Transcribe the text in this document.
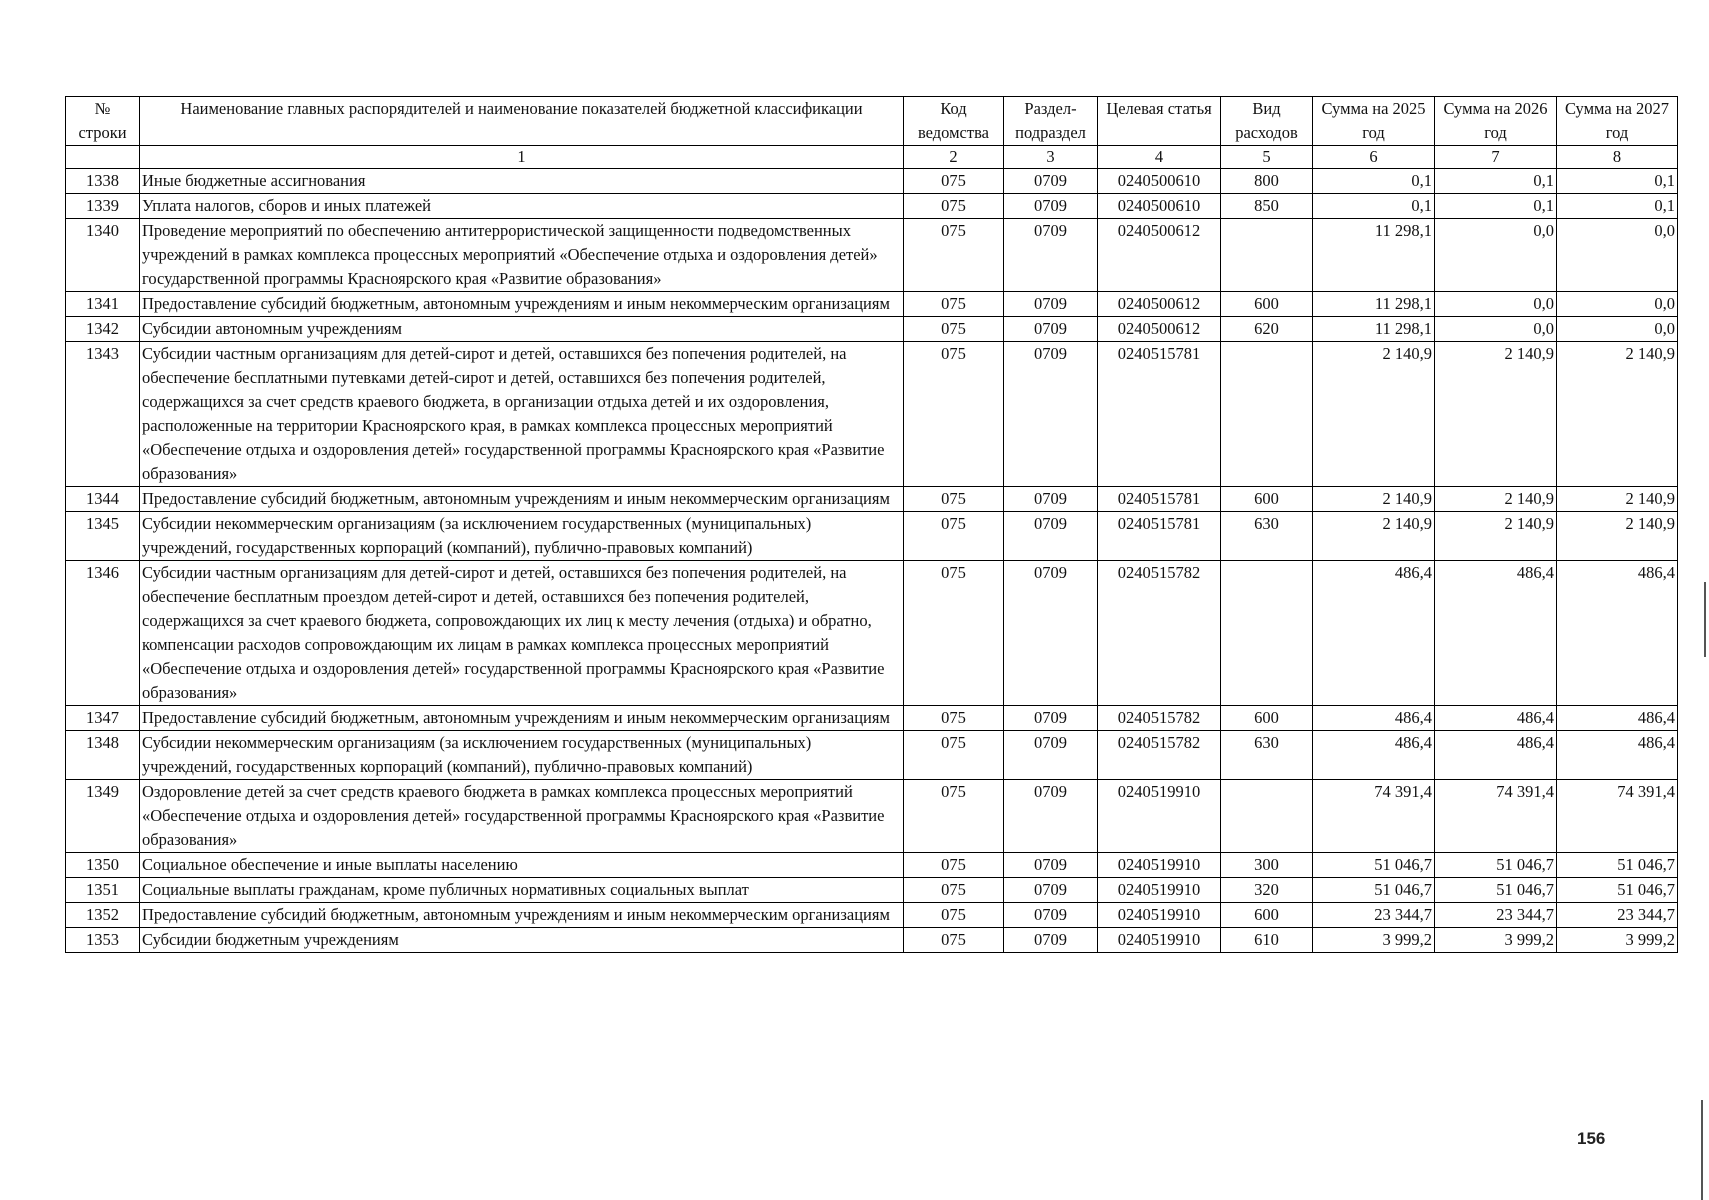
№ строки	Наименование главных распорядителей и наименование показателей бюджетной классификации	Код ведомства	Раздел-подраздел	Целевая статья	Вид расходов	Сумма на 2025 год	Сумма на 2026 год	Сумма на 2027 год
	1	2	3	4	5	6	7	8
1338	Иные бюджетные ассигнования	075	0709	0240500610	800	0,1	0,1	0,1
1339	Уплата налогов, сборов и иных платежей	075	0709	0240500610	850	0,1	0,1	0,1
1340	Проведение мероприятий по обеспечению антитеррористической защищенности подведомственных учреждений в рамках комплекса процессных мероприятий «Обеспечение отдыха и оздоровления детей» государственной программы Красноярского края «Развитие образования»	075	0709	0240500612		11 298,1	0,0	0,0
1341	Предоставление субсидий бюджетным, автономным учреждениям и иным некоммерческим организациям	075	0709	0240500612	600	11 298,1	0,0	0,0
1342	Субсидии автономным учреждениям	075	0709	0240500612	620	11 298,1	0,0	0,0
1343	Субсидии частным организациям для детей-сирот и детей, оставшихся без попечения родителей, на обеспечение бесплатными путевками детей-сирот и детей, оставшихся без попечения родителей, содержащихся за счет средств краевого бюджета, в организации отдыха детей и их оздоровления, расположенные на территории Красноярского края, в рамках комплекса процессных мероприятий «Обеспечение отдыха и оздоровления детей» государственной программы Красноярского края «Развитие образования»	075	0709	0240515781		2 140,9	2 140,9	2 140,9
1344	Предоставление субсидий бюджетным, автономным учреждениям и иным некоммерческим организациям	075	0709	0240515781	600	2 140,9	2 140,9	2 140,9
1345	Субсидии некоммерческим организациям (за исключением государственных (муниципальных) учреждений, государственных корпораций (компаний), публично-правовых компаний)	075	0709	0240515781	630	2 140,9	2 140,9	2 140,9
1346	Субсидии частным организациям для детей-сирот и детей, оставшихся без попечения родителей, на обеспечение бесплатным проездом детей-сирот и детей, оставшихся без попечения родителей, содержащихся за счет краевого бюджета, сопровождающих их лиц к месту лечения (отдыха) и обратно, компенсации расходов сопровождающим их лицам в рамках комплекса процессных мероприятий «Обеспечение отдыха и оздоровления детей» государственной программы Красноярского края «Развитие образования»	075	0709	0240515782		486,4	486,4	486,4
1347	Предоставление субсидий бюджетным, автономным учреждениям и иным некоммерческим организациям	075	0709	0240515782	600	486,4	486,4	486,4
1348	Субсидии некоммерческим организациям (за исключением государственных (муниципальных) учреждений, государственных корпораций (компаний), публично-правовых компаний)	075	0709	0240515782	630	486,4	486,4	486,4
1349	Оздоровление детей за счет средств краевого бюджета в рамках комплекса процессных мероприятий «Обеспечение отдыха и оздоровления детей» государственной программы Красноярского края «Развитие образования»	075	0709	0240519910		74 391,4	74 391,4	74 391,4
1350	Социальное обеспечение и иные выплаты населению	075	0709	0240519910	300	51 046,7	51 046,7	51 046,7
1351	Социальные выплаты гражданам, кроме публичных нормативных социальных выплат	075	0709	0240519910	320	51 046,7	51 046,7	51 046,7
1352	Предоставление субсидий бюджетным, автономным учреждениям и иным некоммерческим организациям	075	0709	0240519910	600	23 344,7	23 344,7	23 344,7
1353	Субсидии бюджетным учреждениям	075	0709	0240519910	610	3 999,2	3 999,2	3 999,2
156
